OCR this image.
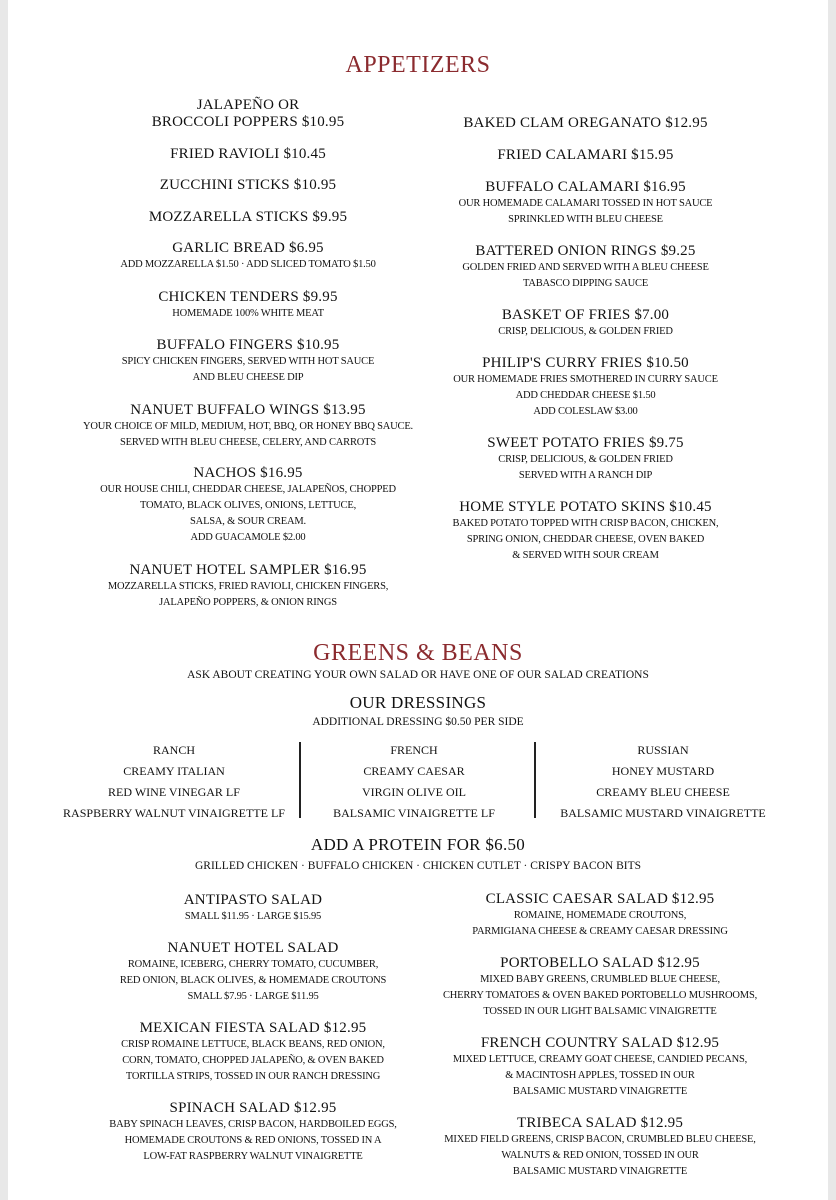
APPETIZERS
JALAPEÑO OR
BROCCOLI POPPERS $10.95
FRIED RAVIOLI $10.45
ZUCCHINI STICKS $10.95
MOZZARELLA STICKS $9.95
GARLIC BREAD $6.95
ADD MOZZARELLA $1.50 · ADD SLICED TOMATO $1.50
CHICKEN TENDERS $9.95
HOMEMADE 100% WHITE MEAT
BUFFALO FINGERS $10.95
SPICY CHICKEN FINGERS, SERVED WITH HOT SAUCE
AND BLEU CHEESE DIP
NANUET BUFFALO WINGS $13.95
YOUR CHOICE OF MILD, MEDIUM, HOT, BBQ, OR HONEY BBQ SAUCE.
SERVED WITH BLEU CHEESE, CELERY, AND CARROTS
NACHOS $16.95
OUR HOUSE CHILI, CHEDDAR CHEESE, JALAPEÑOS, CHOPPED
TOMATO, BLACK OLIVES, ONIONS, LETTUCE,
SALSA, & SOUR CREAM.
ADD GUACAMOLE $2.00
NANUET HOTEL SAMPLER $16.95
MOZZARELLA STICKS, FRIED RAVIOLI, CHICKEN FINGERS,
JALAPEÑO POPPERS, & ONION RINGS
BAKED CLAM OREGANATO $12.95
FRIED CALAMARI $15.95
BUFFALO CALAMARI $16.95
OUR HOMEMADE CALAMARI TOSSED IN HOT SAUCE
SPRINKLED WITH BLEU CHEESE
BATTERED ONION RINGS $9.25
GOLDEN FRIED AND SERVED WITH A BLEU CHEESE
TABASCO DIPPING SAUCE
BASKET OF FRIES $7.00
CRISP, DELICIOUS, & GOLDEN FRIED
PHILIP'S CURRY FRIES $10.50
OUR HOMEMADE FRIES SMOTHERED IN CURRY SAUCE
ADD CHEDDAR CHEESE $1.50
ADD COLESLAW $3.00
SWEET POTATO FRIES $9.75
CRISP, DELICIOUS, & GOLDEN FRIED
SERVED WITH A RANCH DIP
HOME STYLE POTATO SKINS $10.45
BAKED POTATO TOPPED WITH CRISP BACON, CHICKEN,
SPRING ONION, CHEDDAR CHEESE, OVEN BAKED
& SERVED WITH SOUR CREAM
GREENS & BEANS
ASK ABOUT CREATING YOUR OWN SALAD OR HAVE ONE OF OUR SALAD CREATIONS
OUR DRESSINGS
ADDITIONAL DRESSING $0.50 PER SIDE
RANCH
CREAMY ITALIAN
RED WINE VINEGAR LF
RASPBERRY WALNUT VINAIGRETTE LF
FRENCH
CREAMY CAESAR
VIRGIN OLIVE OIL
BALSAMIC VINAIGRETTE LF
RUSSIAN
HONEY MUSTARD
CREAMY BLEU CHEESE
BALSAMIC MUSTARD VINAIGRETTE
ADD A PROTEIN FOR $6.50
GRILLED CHICKEN · BUFFALO CHICKEN · CHICKEN CUTLET · CRISPY BACON BITS
ANTIPASTO SALAD
SMALL $11.95 · LARGE $15.95
NANUET HOTEL SALAD
ROMAINE, ICEBERG, CHERRY TOMATO, CUCUMBER,
RED ONION, BLACK OLIVES, & HOMEMADE CROUTONS
SMALL $7.95 · LARGE $11.95
MEXICAN FIESTA SALAD $12.95
CRISP ROMAINE LETTUCE, BLACK BEANS, RED ONION,
CORN, TOMATO, CHOPPED JALAPEÑO, & OVEN BAKED
TORTILLA STRIPS, TOSSED IN OUR RANCH DRESSING
SPINACH SALAD $12.95
BABY SPINACH LEAVES, CRISP BACON, HARDBOILED EGGS,
HOMEMADE CROUTONS & RED ONIONS, TOSSED IN A
LOW-FAT RASPBERRY WALNUT VINAIGRETTE
CLASSIC CAESAR SALAD $12.95
ROMAINE, HOMEMADE CROUTONS,
PARMIGIANA CHEESE & CREAMY CAESAR DRESSING
PORTOBELLO SALAD $12.95
MIXED BABY GREENS, CRUMBLED BLUE CHEESE,
CHERRY TOMATOES & OVEN BAKED PORTOBELLO MUSHROOMS,
TOSSED IN OUR LIGHT BALSAMIC VINAIGRETTE
FRENCH COUNTRY SALAD $12.95
MIXED LETTUCE, CREAMY GOAT CHEESE, CANDIED PECANS,
& MACINTOSH APPLES, TOSSED IN OUR
BALSAMIC MUSTARD VINAIGRETTE
TRIBECA SALAD $12.95
MIXED FIELD GREENS, CRISP BACON, CRUMBLED BLEU CHEESE,
WALNUTS & RED ONION, TOSSED IN OUR
BALSAMIC MUSTARD VINAIGRETTE
